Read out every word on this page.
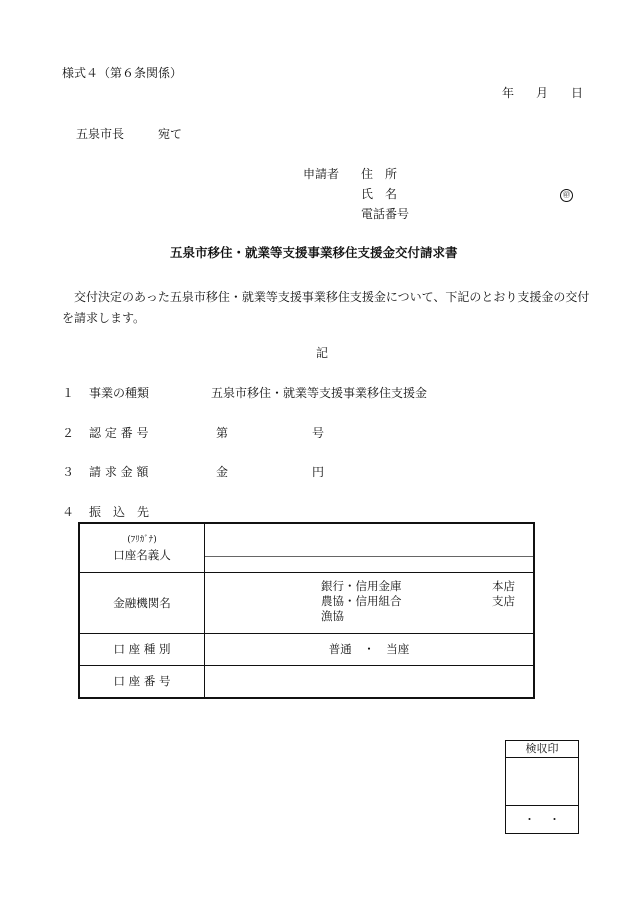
様式４（第６条関係）
年 月 日
五泉市長	宛て
申請者 住　所
氏　名	㊞
電話番号
五泉市移住・就業等支援事業移住支援金交付請求書
　交付決定のあった五泉市移住・就業等支援事業移住支援金について、下記のとおり支援金の交付を請求します。
記
１ 事業の種類	五泉市移住・就業等支援事業移住支援金
２ 認 定 番 号	第	号
３ 請 求 金 額	金	円
４ 振　込　先
(ﾌﾘｶﾞﾅ)
口座名義人	

金融機関名	銀行・信用金庫
農協・信用組合
漁協
本店
支店

口 座 種 別	普通　・　当座
口 座 番 号	
検収印
・・
